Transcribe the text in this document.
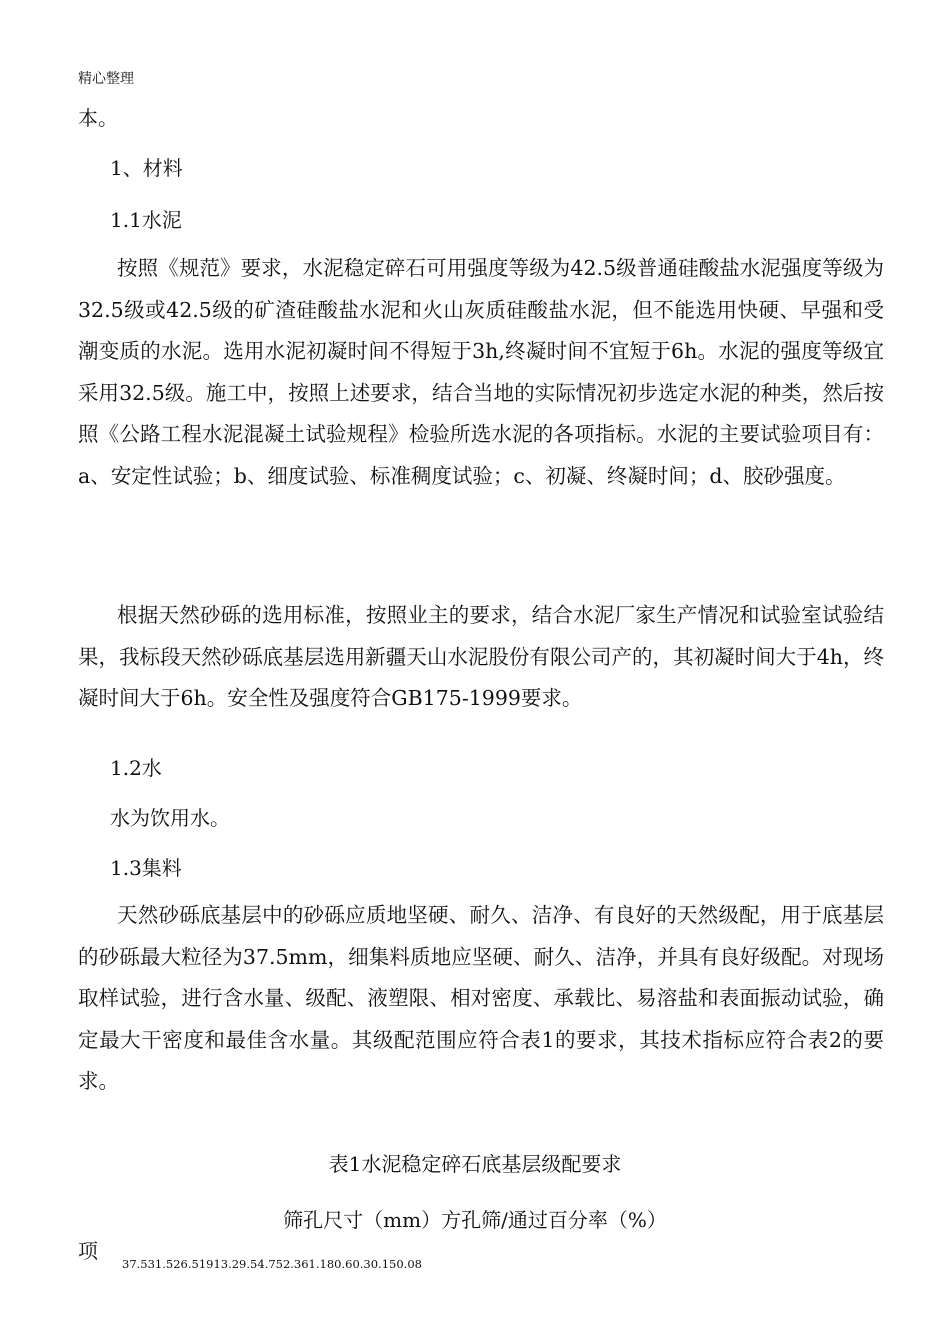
精心整理

本。

1、材料

1.1水泥

按照《规范》要求，水泥稳定碎石可用强度等级为42.5级普通硅酸盐水泥强度等级为32.5级或42.5级的矿渣硅酸盐水泥和火山灰质硅酸盐水泥，但不能选用快硬、早强和受潮变质的水泥。选用水泥初凝时间不得短于3h,终凝时间不宜短于6h。水泥的强度等级宜采用32.5级。施工中，按照上述要求，结合当地的实际情况初步选定水泥的种类，然后按照《公路工程水泥混凝土试验规程》检验所选水泥的各项指标。水泥的主要试验项目有：a、安定性试验；b、细度试验、标准稠度试验；c、初凝、终凝时间；d、胶砂强度。

根据天然砂砾的选用标准，按照业主的要求，结合水泥厂家生产情况和试验室试验结果，我标段天然砂砾底基层选用新疆天山水泥股份有限公司产的，其初凝时间大于4h，终凝时间大于6h。安全性及强度符合GB175-1999要求。

1.2水

水为饮用水。

1.3集料

天然砂砾底基层中的砂砾应质地坚硬、耐久、洁净、有良好的天然级配，用于底基层的砂砾最大粒径为37.5mm，细集料质地应坚硬、耐久、洁净，并具有良好级配。对现场取样试验，进行含水量、级配、液塑限、相对密度、承载比、易溶盐和表面振动试验，确定最大干密度和最佳含水量。其级配范围应符合表1的要求，其技术指标应符合表2的要求。

表1水泥稳定碎石底基层级配要求

筛孔尺寸（mm）方孔筛/通过百分率（%）

项
37.531.526.51913.29.54.752.361.180.60.30.150.08
